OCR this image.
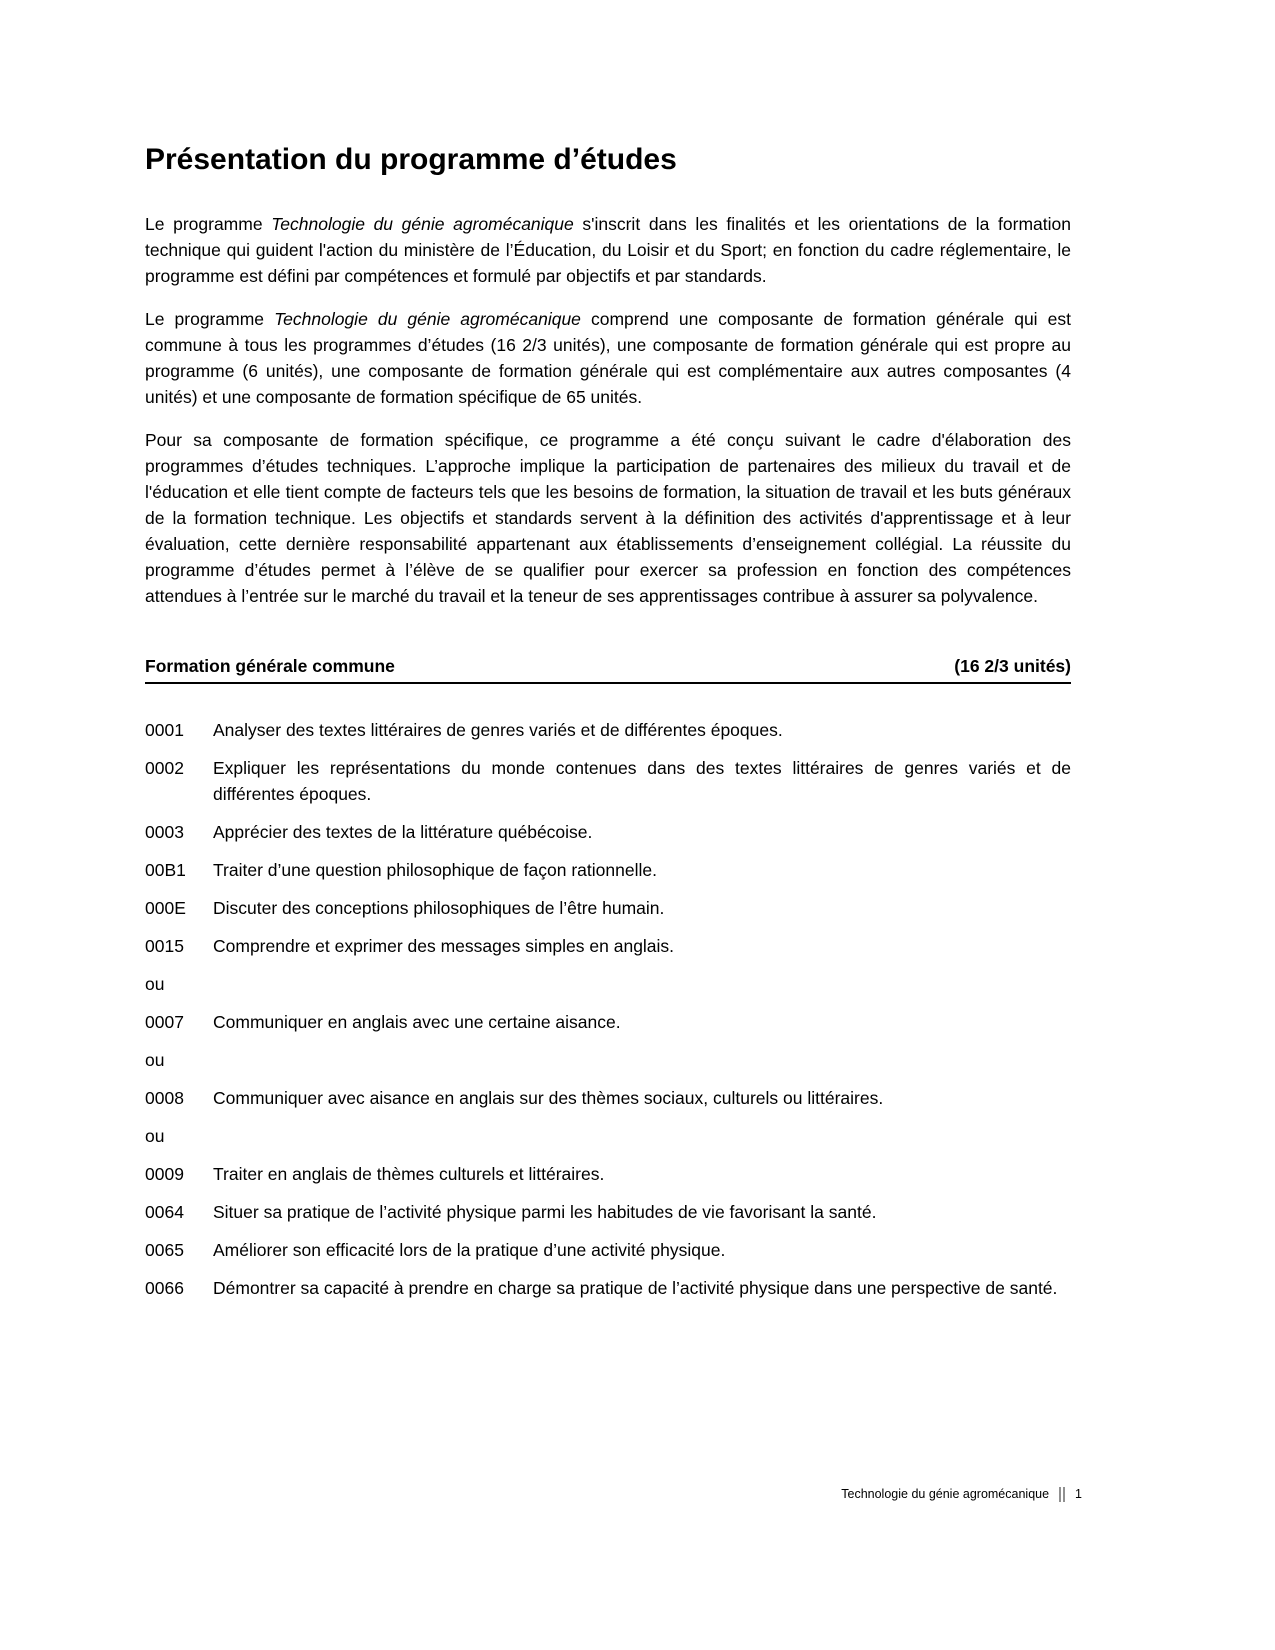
Présentation du programme d’études

Le programme Technologie du génie agromécanique s'inscrit dans les finalités et les orientations de la formation technique qui guident l'action du ministère de l’Éducation, du Loisir et du Sport; en fonction du cadre réglementaire, le programme est défini par compétences et formulé par objectifs et par standards.

Le programme Technologie du génie agromécanique comprend une composante de formation générale qui est commune à tous les programmes d’études (16 2/3 unités), une composante de formation générale qui est propre au programme (6 unités), une composante de formation générale qui est complémentaire aux autres composantes (4 unités) et une composante de formation spécifique de 65 unités.

Pour sa composante de formation spécifique, ce programme a été conçu suivant le cadre d'élaboration des programmes d’études techniques. L’approche implique la participation de partenaires des milieux du travail et de l'éducation et elle tient compte de facteurs tels que les besoins de formation, la situation de travail et les buts généraux de la formation technique. Les objectifs et standards servent à la définition des activités d'apprentissage et à leur évaluation, cette dernière responsabilité appartenant aux établissements d’enseignement collégial. La réussite du programme d’études permet à l’élève de se qualifier pour exercer sa profession en fonction des compétences attendues à l’entrée sur le marché du travail et la teneur de ses apprentissages contribue à assurer sa polyvalence.

Formation générale commune	(16 2/3 unités)
0001	Analyser des textes littéraires de genres variés et de différentes époques.
0002	Expliquer les représentations du monde contenues dans des textes littéraires de genres variés et de différentes époques.
0003	Apprécier des textes de la littérature québécoise.
00B1	Traiter d’une question philosophique de façon rationnelle.
000E	Discuter des conceptions philosophiques de l’être humain.
0015	Comprendre et exprimer des messages simples en anglais.
ou
0007	Communiquer en anglais avec une certaine aisance.
ou
0008	Communiquer avec aisance en anglais sur des thèmes sociaux, culturels ou littéraires.
ou
0009	Traiter en anglais de thèmes culturels et littéraires.
0064	Situer sa pratique de l’activité physique parmi les habitudes de vie favorisant la santé.
0065	Améliorer son efficacité lors de la pratique d’une activité physique.
0066	Démontrer sa capacité à prendre en charge sa pratique de l’activité physique dans une perspective de santé.
Technologie du génie agromécanique 1
